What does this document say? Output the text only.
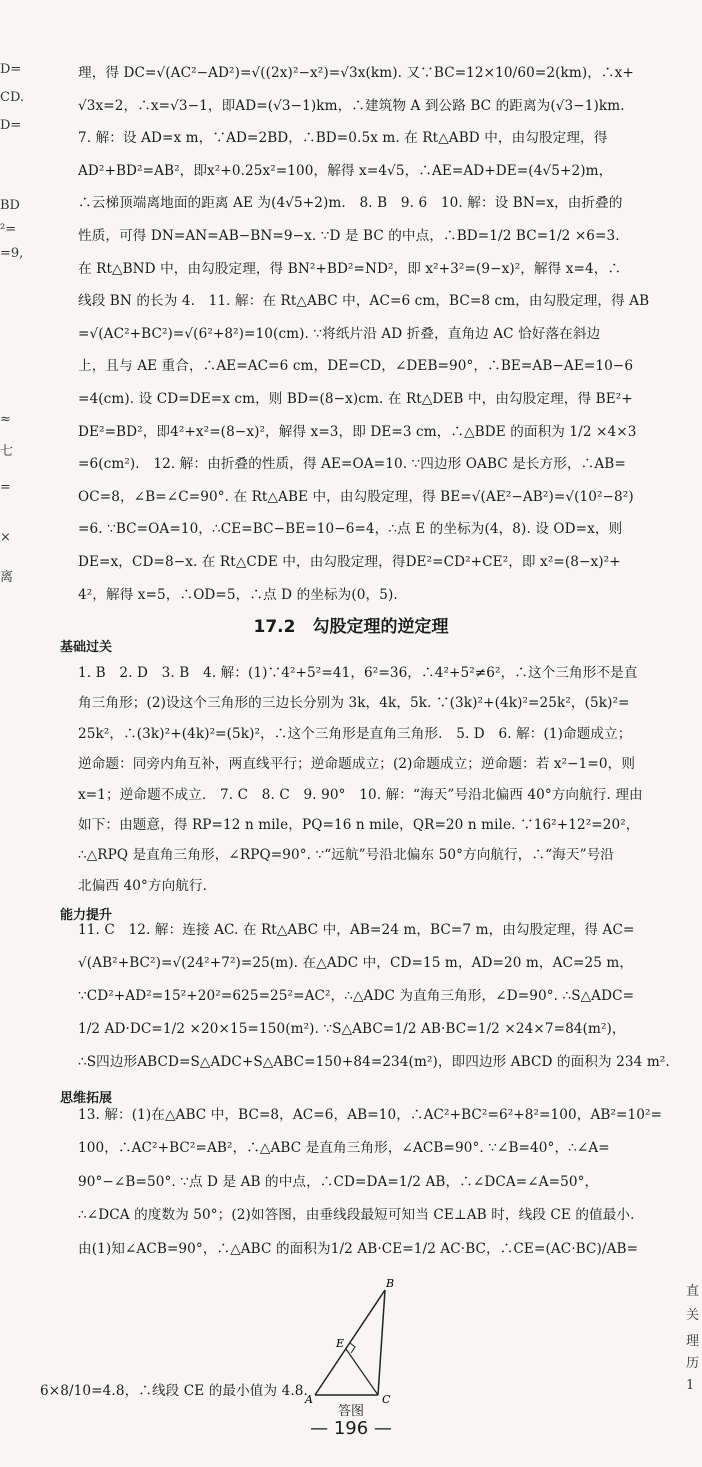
D=
CD.
D=
BD
²=
=9,
≈
七
=
×
离
直
关
理
历
1
理，得 DC=√(AC²−AD²)=√((2x)²−x²)=√3x(km). 又∵BC=12×10/60=2(km)，∴x+
√3x=2，∴x=√3−1，即AD=(√3−1)km，∴建筑物 A 到公路 BC 的距离为(√3−1)km.
7. 解：设 AD=x m，∵AD=2BD，∴BD=0.5x m. 在 Rt△ABD 中，由勾股定理，得
AD²+BD²=AB²，即x²+0.25x²=100，解得 x=4√5，∴AE=AD+DE=(4√5+2)m，
∴云梯顶端离地面的距离 AE 为(4√5+2)m.　8. B　9. 6　10. 解：设 BN=x，由折叠的
性质，可得 DN=AN=AB−BN=9−x. ∵D 是 BC 的中点，∴BD=1/2 BC=1/2 ×6=3.
在 Rt△BND 中，由勾股定理，得 BN²+BD²=ND²，即 x²+3²=(9−x)²，解得 x=4，∴
线段 BN 的长为 4.　11. 解：在 Rt△ABC 中，AC=6 cm，BC=8 cm，由勾股定理，得 AB
=√(AC²+BC²)=√(6²+8²)=10(cm). ∵将纸片沿 AD 折叠，直角边 AC 恰好落在斜边
上，且与 AE 重合，∴AE=AC=6 cm，DE=CD，∠DEB=90°，∴BE=AB−AE=10−6
=4(cm). 设 CD=DE=x cm，则 BD=(8−x)cm. 在 Rt△DEB 中，由勾股定理，得 BE²+
DE²=BD²，即4²+x²=(8−x)²，解得 x=3，即 DE=3 cm，∴△BDE 的面积为 1/2 ×4×3
=6(cm²).　12. 解：由折叠的性质，得 AE=OA=10. ∵四边形 OABC 是长方形，∴AB=
OC=8，∠B=∠C=90°. 在 Rt△ABE 中，由勾股定理，得 BE=√(AE²−AB²)=√(10²−8²)
=6. ∵BC=OA=10，∴CE=BC−BE=10−6=4，∴点 E 的坐标为(4，8). 设 OD=x，则
DE=x，CD=8−x. 在 Rt△CDE 中，由勾股定理，得DE²=CD²+CE²，即 x²=(8−x)²+
4²，解得 x=5，∴OD=5，∴点 D 的坐标为(0，5).
17.2　勾股定理的逆定理
基础过关
1. B　2. D　3. B　4. 解：(1)∵4²+5²=41，6²=36，∴4²+5²≠6²，∴这个三角形不是直
角三角形；(2)设这个三角形的三边长分别为 3k，4k，5k. ∵(3k)²+(4k)²=25k²，(5k)²=
25k²，∴(3k)²+(4k)²=(5k)²，∴这个三角形是直角三角形.　5. D　6. 解：(1)命题成立；
逆命题：同旁内角互补，两直线平行；逆命题成立；(2)命题成立；逆命题：若 x²−1=0，则
x=1；逆命题不成立.　7. C　8. C　9. 90°　10. 解：“海天”号沿北偏西 40°方向航行. 理由
如下：由题意，得 RP=12 n mile，PQ=16 n mile，QR=20 n mile. ∵16²+12²=20²，
∴△RPQ 是直角三角形，∠RPQ=90°. ∵“远航”号沿北偏东 50°方向航行，∴“海天”号沿
北偏西 40°方向航行.
能力提升
11. C　12. 解：连接 AC. 在 Rt△ABC 中，AB=24 m，BC=7 m，由勾股定理，得 AC=
√(AB²+BC²)=√(24²+7²)=25(m). 在△ADC 中，CD=15 m，AD=20 m，AC=25 m，
∵CD²+AD²=15²+20²=625=25²=AC²，∴△ADC 为直角三角形，∠D=90°. ∴S△ADC=
1/2 AD·DC=1/2 ×20×15=150(m²). ∵S△ABC=1/2 AB·BC=1/2 ×24×7=84(m²)，
∴S四边形ABCD=S△ADC+S△ABC=150+84=234(m²)，即四边形 ABCD 的面积为 234 m².
思维拓展
13. 解：(1)在△ABC 中，BC=8，AC=6，AB=10，∴AC²+BC²=6²+8²=100，AB²=10²=
100，∴AC²+BC²=AB²，∴△ABC 是直角三角形，∠ACB=90°. ∵∠B=40°，∴∠A=
90°−∠B=50°. ∵点 D 是 AB 的中点，∴CD=DA=1/2 AB，∴∠DCA=∠A=50°，
∴∠DCA 的度数为 50°；(2)如答图，由垂线段最短可知当 CE⊥AB 时，线段 CE 的值最小.
由(1)知∠ACB=90°，∴△ABC 的面积为1/2 AB·CE=1/2 AC·BC，∴CE=(AC·BC)/AB=
6×8/10=4.8，∴线段 CE 的最小值为 4.8.
B
E
A	C
答图
— 196 —
